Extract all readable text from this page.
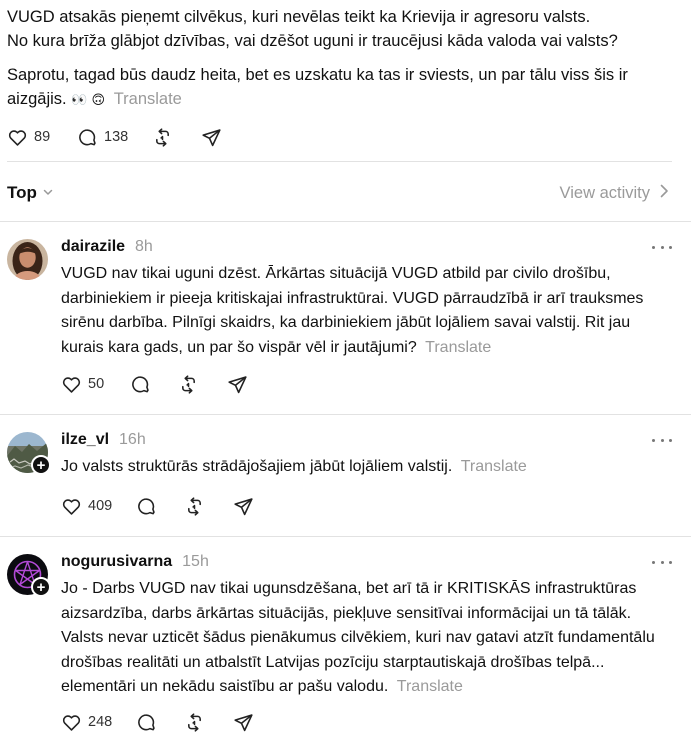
VUGD atsakās pieņemt cilvēkus, kuri nevēlas teikt ka Krievija ir agresoru valsts.
No kura brīža glābjot dzīvības, vai dzēšot uguni ir traucējusi kāda valoda vai valsts?

Saprotu, tagad būs daudz heita, bet es uzskatu ka tas ir sviests, un par tālu viss šis ir aizgājis. 👀 🙃 Translate

89	138
Top	View activity
dairazile 8h
VUGD nav tikai uguni dzēst. Ārkārtas situācijā VUGD atbild par civilo drošību, darbiniekiem ir pieeja kritiskajai infrastruktūrai. VUGD pārraudzībā ir arī trauksmes sirēnu darbība. Pilnīgi skaidrs, ka darbiniekiem jābūt lojāliem savai valstij. Rit jau kurais kara gads, un par šo vispār vēl ir jautājumi? Translate
50
+
ilze_vl 16h
Jo valsts struktūrās strādājošajiem jābūt lojāliem valstij. Translate
409
+
nogurusivarna 15h
Jo - Darbs VUGD nav tikai ugunsdzēšana, bet arī tā ir KRITISKĀS infrastruktūras aizsardzība, darbs ārkārtas situācijās, piekļuve sensitīvai informācijai un tā tālāk. Valsts nevar uzticēt šādus pienākumus cilvēkiem, kuri nav gatavi atzīt fundamentālu drošības realitāti un atbalstīt Latvijas pozīciju starptautiskajā drošības telpā... elementāri un nekādu saistību ar pašu valodu. Translate
248
